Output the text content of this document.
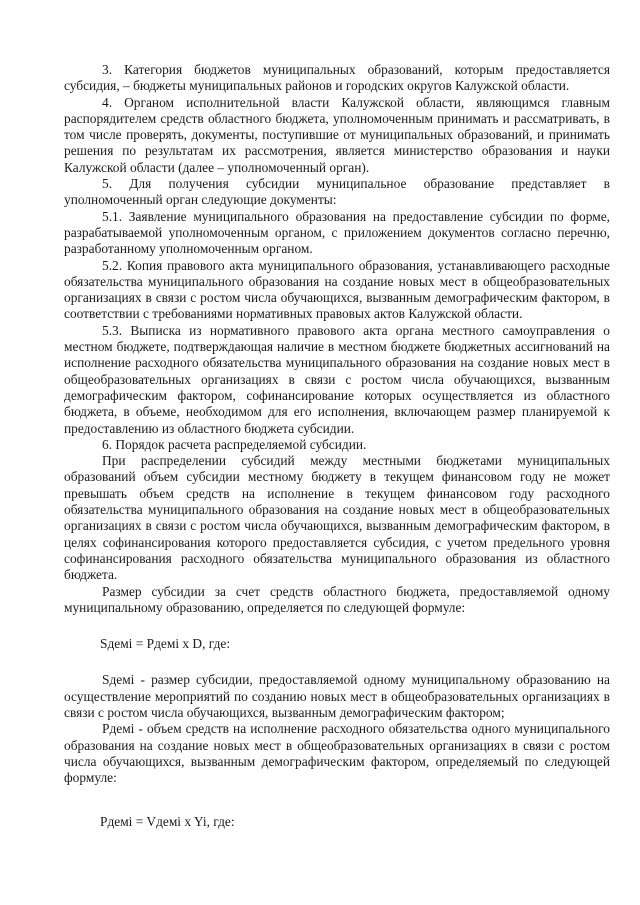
3. Категория бюджетов муниципальных образований, которым предоставляется субсидия, – бюджеты муниципальных районов и городских округов Калужской области.

4. Органом исполнительной власти Калужской области, являющимся главным распорядителем средств областного бюджета, уполномоченным принимать и рассматривать, в том числе проверять, документы, поступившие от муниципальных образований, и принимать решения по результатам их рассмотрения, является министерство образования и науки Калужской области (далее – уполномоченный орган).

5. Для получения субсидии муниципальное образование представляет в уполномоченный орган следующие документы:

5.1. Заявление муниципального образования на предоставление субсидии по форме, разрабатываемой уполномоченным органом, с приложением документов согласно перечню, разработанному уполномоченным органом.

5.2. Копия правового акта муниципального образования, устанавливающего расходные обязательства муниципального образования на создание новых мест в общеобразовательных организациях в связи с ростом числа обучающихся, вызванным демографическим фактором, в соответствии с требованиями нормативных правовых актов Калужской области.

5.3. Выписка из нормативного правового акта органа местного самоуправления о местном бюджете, подтверждающая наличие в местном бюджете бюджетных ассигнований на исполнение расходного обязательства муниципального образования на создание новых мест в общеобразовательных организациях в связи с ростом числа обучающихся, вызванным демографическим фактором, софинансирование которых осуществляется из областного бюджета, в объеме, необходимом для его исполнения, включающем размер планируемой к предоставлению из областного бюджета субсидии.

6. Порядок расчета распределяемой субсидии.

При распределении субсидий между местными бюджетами муниципальных образований объем субсидии местному бюджету в текущем финансовом году не может превышать объем средств на исполнение в текущем финансовом году расходного обязательства муниципального образования на создание новых мест в общеобразовательных организациях в связи с ростом числа обучающихся, вызванным демографическим фактором, в целях софинансирования которого предоставляется субсидия, с учетом предельного уровня софинансирования расходного обязательства муниципального образования из областного бюджета.

Размер субсидии за счет средств областного бюджета, предоставляемой одному муниципальному образованию, определяется по следующей формуле:

Sдемi = Pдемi x D, где:

Sдемi - размер субсидии, предоставляемой одному муниципальному образованию на осуществление мероприятий по созданию новых мест в общеобразовательных организациях в связи с ростом числа обучающихся, вызванным демографическим фактором;

Pдемi - объем средств на исполнение расходного обязательства одного муниципального образования на создание новых мест в общеобразовательных организациях в связи с ростом числа обучающихся, вызванным демографическим фактором, определяемый по следующей формуле:

Pдемi = Vдемi x Yi, где:
